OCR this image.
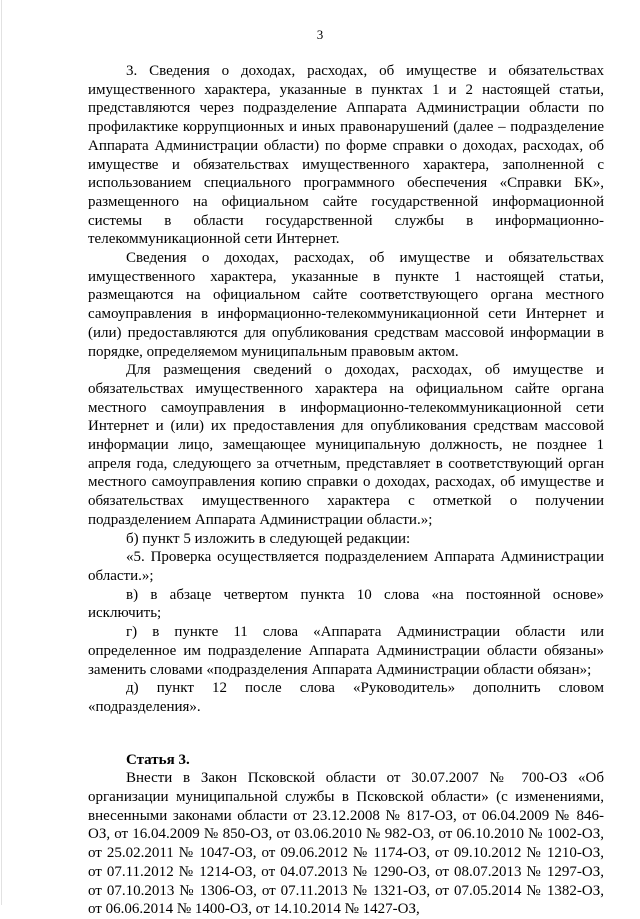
3

3. Сведения о доходах, расходах, об имуществе и обязательствах имущественного характера, указанные в пунктах 1 и 2 настоящей статьи, представляются через подразделение Аппарата Администрации области по профилактике коррупционных и иных правонарушений (далее – подразделение Аппарата Администрации области) по форме справки о доходах, расходах, об имуществе и обязательствах имущественного характера, заполненной с использованием специального программного обеспечения «Справки БК», размещенного на официальном сайте государственной информационной системы в области государственной службы в информационно-телекоммуникационной сети Интернет.

Сведения о доходах, расходах, об имуществе и обязательствах имущественного характера, указанные в пункте 1 настоящей статьи, размещаются на официальном сайте соответствующего органа местного самоуправления в информационно-телекоммуникационной сети Интернет и (или) предоставляются для опубликования средствам массовой информации в порядке, определяемом муниципальным правовым актом.

Для размещения сведений о доходах, расходах, об имуществе и обязательствах имущественного характера на официальном сайте органа местного самоуправления в информационно-телекоммуникационной сети Интернет и (или) их предоставления для опубликования средствам массовой информации лицо, замещающее муниципальную должность, не позднее 1 апреля года, следующего за отчетным, представляет в соответствующий орган местного самоуправления копию справки о доходах, расходах, об имуществе и обязательствах имущественного характера с отметкой о получении подразделением Аппарата Администрации области.»;

б) пункт 5 изложить в следующей редакции:

«5. Проверка осуществляется подразделением Аппарата Администрации области.»;

в) в абзаце четвертом пункта 10 слова «на постоянной основе» исключить;

г) в пункте 11 слова «Аппарата Администрации области или определенное им подразделение Аппарата Администрации области обязаны» заменить словами «подразделения Аппарата Администрации области обязан»;

д) пункт 12 после слова «Руководитель» дополнить словом «подразделения».

Статья 3.

Внести в Закон Псковской области от 30.07.2007 № 700-ОЗ «Об организации муниципальной службы в Псковской области» (с изменениями, внесенными законами области от 23.12.2008 № 817-ОЗ, от 06.04.2009 № 846-ОЗ, от 16.04.2009 № 850-ОЗ, от 03.06.2010 № 982-ОЗ, от 06.10.2010 № 1002-ОЗ, от 25.02.2011 № 1047-ОЗ, от 09.06.2012 № 1174-ОЗ, от 09.10.2012 № 1210-ОЗ, от 07.11.2012 № 1214-ОЗ, от 04.07.2013 № 1290-ОЗ, от 08.07.2013 № 1297-ОЗ, от 07.10.2013 № 1306-ОЗ, от 07.11.2013 № 1321-ОЗ, от 07.05.2014 № 1382-ОЗ, от 06.06.2014 № 1400-ОЗ, от 14.10.2014 № 1427-ОЗ,
